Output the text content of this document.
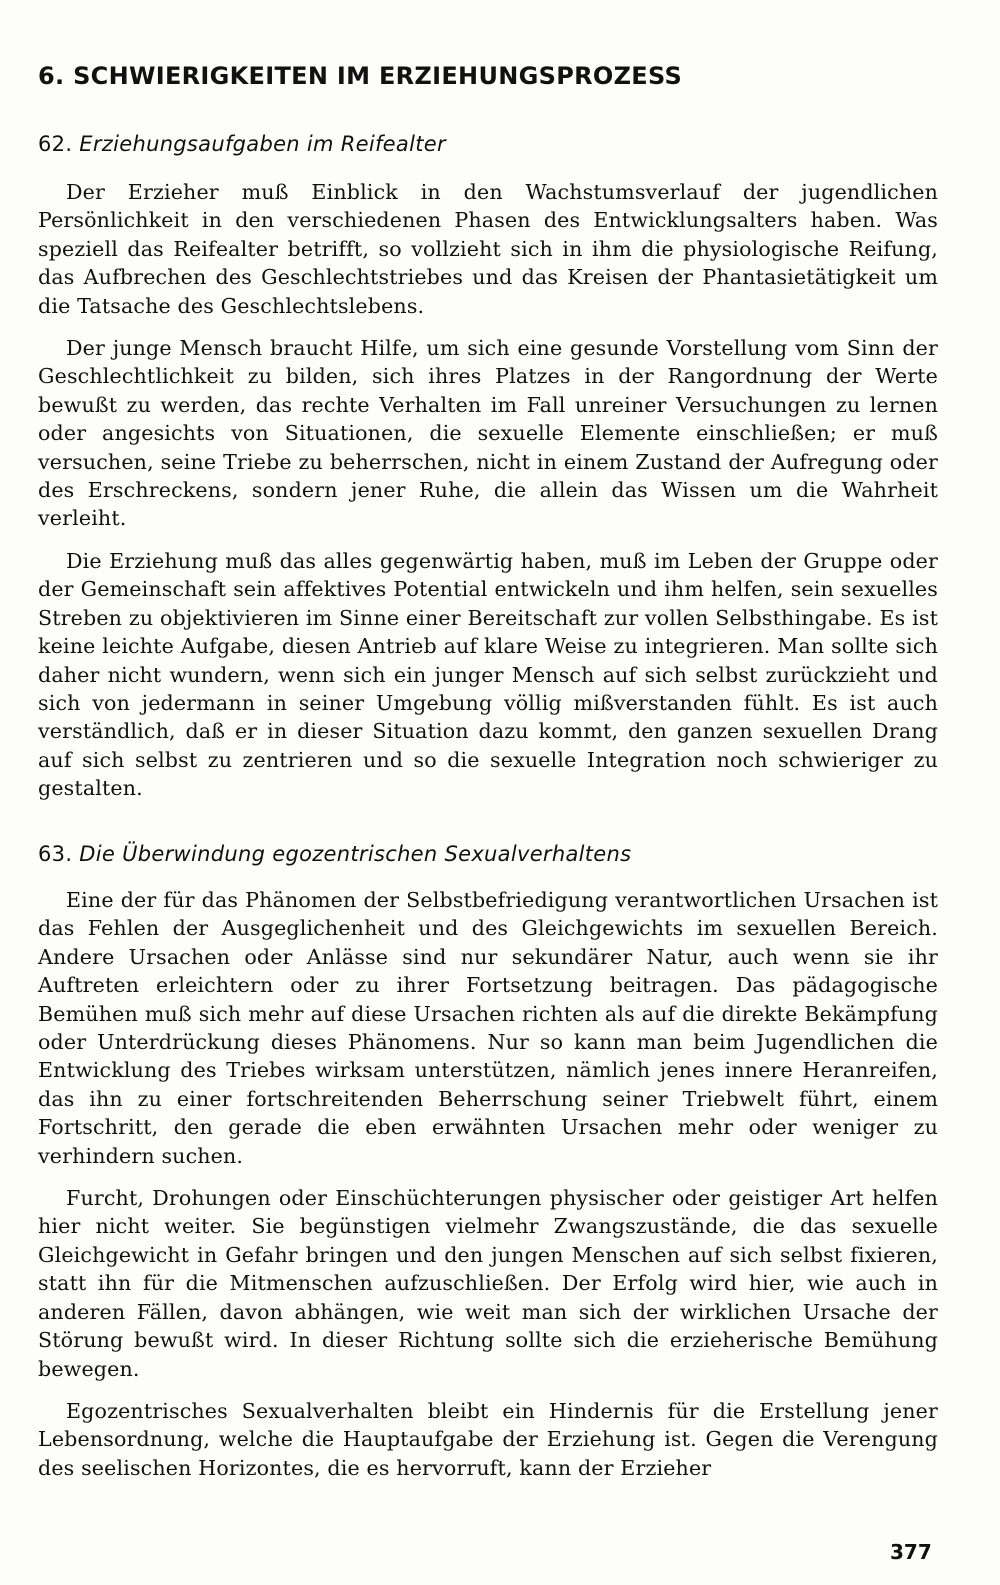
6. SCHWIERIGKEITEN IM ERZIEHUNGSPROZESS
62. Erziehungsaufgaben im Reifealter

Der Erzieher muß Einblick in den Wachstumsverlauf der jugendlichen Persönlichkeit in den verschiedenen Phasen des Entwicklungsalters haben. Was speziell das Reifealter betrifft, so vollzieht sich in ihm die physiologische Reifung, das Aufbrechen des Geschlechtstriebes und das Kreisen der Phantasietätigkeit um die Tatsache des Geschlechtslebens.

Der junge Mensch braucht Hilfe, um sich eine gesunde Vorstellung vom Sinn der Geschlechtlichkeit zu bilden, sich ihres Platzes in der Rangordnung der Werte bewußt zu werden, das rechte Verhalten im Fall unreiner Versuchungen zu lernen oder angesichts von Situationen, die sexuelle Elemente einschließen; er muß versuchen, seine Triebe zu beherrschen, nicht in einem Zustand der Aufregung oder des Erschreckens, sondern jener Ruhe, die allein das Wissen um die Wahrheit verleiht.

Die Erziehung muß das alles gegenwärtig haben, muß im Leben der Gruppe oder der Gemeinschaft sein affektives Potential entwickeln und ihm helfen, sein sexuelles Streben zu objektivieren im Sinne einer Bereitschaft zur vollen Selbsthingabe. Es ist keine leichte Aufgabe, diesen Antrieb auf klare Weise zu integrieren. Man sollte sich daher nicht wundern, wenn sich ein junger Mensch auf sich selbst zurückzieht und sich von jedermann in seiner Umgebung völlig mißverstanden fühlt. Es ist auch verständlich, daß er in dieser Situation dazu kommt, den ganzen sexuellen Drang auf sich selbst zu zentrieren und so die sexuelle Integration noch schwieriger zu gestalten.

63. Die Überwindung egozentrischen Sexualverhaltens

Eine der für das Phänomen der Selbstbefriedigung verantwortlichen Ursachen ist das Fehlen der Ausgeglichenheit und des Gleichgewichts im sexuellen Bereich. Andere Ursachen oder Anlässe sind nur sekundärer Natur, auch wenn sie ihr Auftreten erleichtern oder zu ihrer Fortsetzung beitragen. Das pädagogische Bemühen muß sich mehr auf diese Ursachen richten als auf die direkte Bekämpfung oder Unterdrückung dieses Phänomens. Nur so kann man beim Jugendlichen die Entwicklung des Triebes wirksam unterstützen, nämlich jenes innere Heranreifen, das ihn zu einer fortschreitenden Beherrschung seiner Triebwelt führt, einem Fortschritt, den gerade die eben erwähnten Ursachen mehr oder weniger zu verhindern suchen.

Furcht, Drohungen oder Einschüchterungen physischer oder geistiger Art helfen hier nicht weiter. Sie begünstigen vielmehr Zwangszustände, die das sexuelle Gleichgewicht in Gefahr bringen und den jungen Menschen auf sich selbst fixieren, statt ihn für die Mitmenschen aufzuschließen. Der Erfolg wird hier, wie auch in anderen Fällen, davon abhängen, wie weit man sich der wirklichen Ursache der Störung bewußt wird. In dieser Richtung sollte sich die erzieherische Bemühung bewegen.

Egozentrisches Sexualverhalten bleibt ein Hindernis für die Erstellung jener Lebensordnung, welche die Hauptaufgabe der Erziehung ist. Gegen die Verengung des seelischen Horizontes, die es hervorruft, kann der Erzieher

377
